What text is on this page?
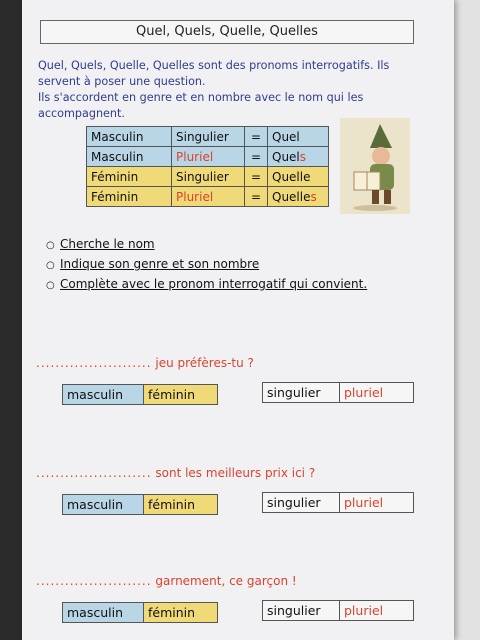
Quel, Quels, Quelle, Quelles

Quel, Quels, Quelle, Quelles sont des pronoms interrogatifs. Ils servent à poser une question.

Ils s'accordent en genre et en nombre avec le nom qui les accompagnent.

Masculin	Singulier	=	Quel
Masculin	Pluriel	=	Quels
Féminin	Singulier	=	Quelle
Féminin	Pluriel	=	Quelles
○ Cherche le nom
○ Indique son genre et son nombre
○ Complète avec le pronom interrogatif qui convient.
........................ jeu préfères-tu ?
masculin	féminin	singulier	pluriel
........................ sont les meilleurs prix ici ?
masculin	féminin	singulier	pluriel
........................ garnement, ce garçon !
masculin	féminin	singulier	pluriel
